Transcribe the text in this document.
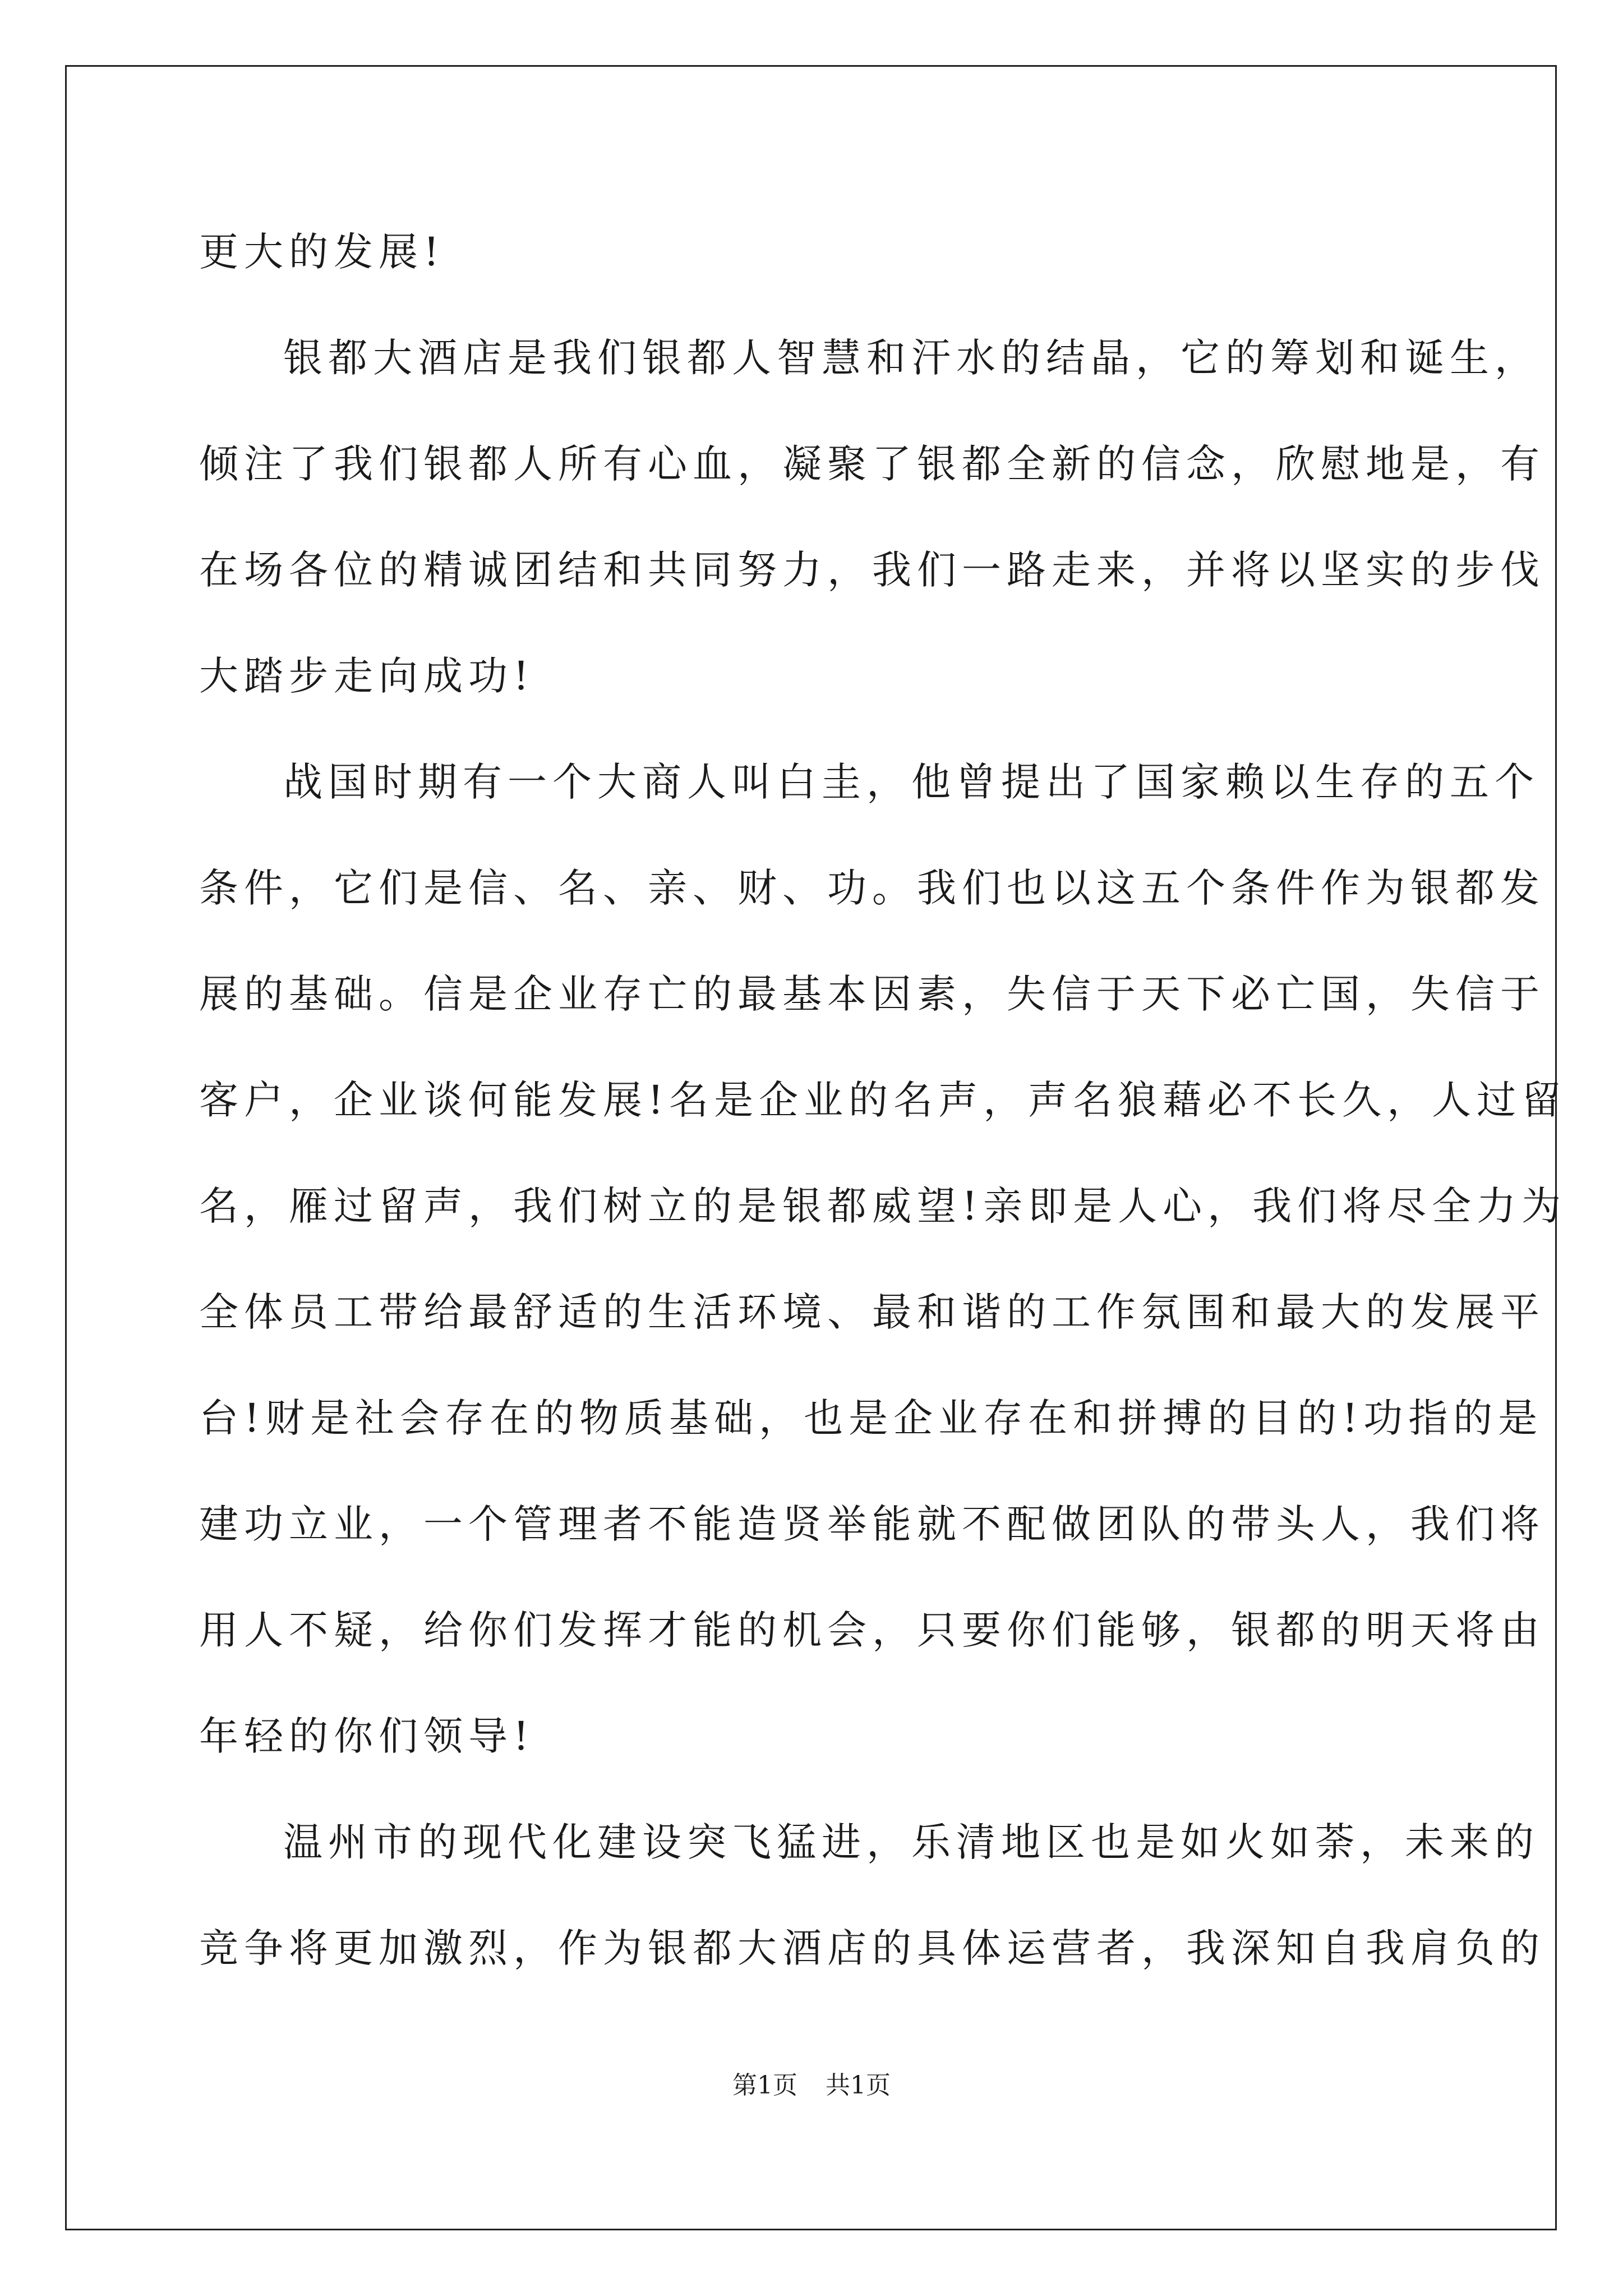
更大的发展!
银都大酒店是我们银都人智慧和汗水的结晶，它的筹划和诞生，
倾注了我们银都人所有心血，凝聚了银都全新的信念，欣慰地是，有
在场各位的精诚团结和共同努力，我们一路走来，并将以坚实的步伐
大踏步走向成功!
战国时期有一个大商人叫白圭，他曾提出了国家赖以生存的五个
条件，它们是信、名、亲、财、功。我们也以这五个条件作为银都发
展的基础。信是企业存亡的最基本因素，失信于天下必亡国，失信于
客户，企业谈何能发展!名是企业的名声，声名狼藉必不长久，人过留
名，雁过留声，我们树立的是银都威望!亲即是人心，我们将尽全力为
全体员工带给最舒适的生活环境、最和谐的工作氛围和最大的发展平
台!财是社会存在的物质基础，也是企业存在和拼搏的目的!功指的是
建功立业，一个管理者不能造贤举能就不配做团队的带头人，我们将
用人不疑，给你们发挥才能的机会，只要你们能够，银都的明天将由
年轻的你们领导!
温州市的现代化建设突飞猛进，乐清地区也是如火如荼，未来的
竞争将更加激烈，作为银都大酒店的具体运营者，我深知自我肩负的
第1页 共1页
